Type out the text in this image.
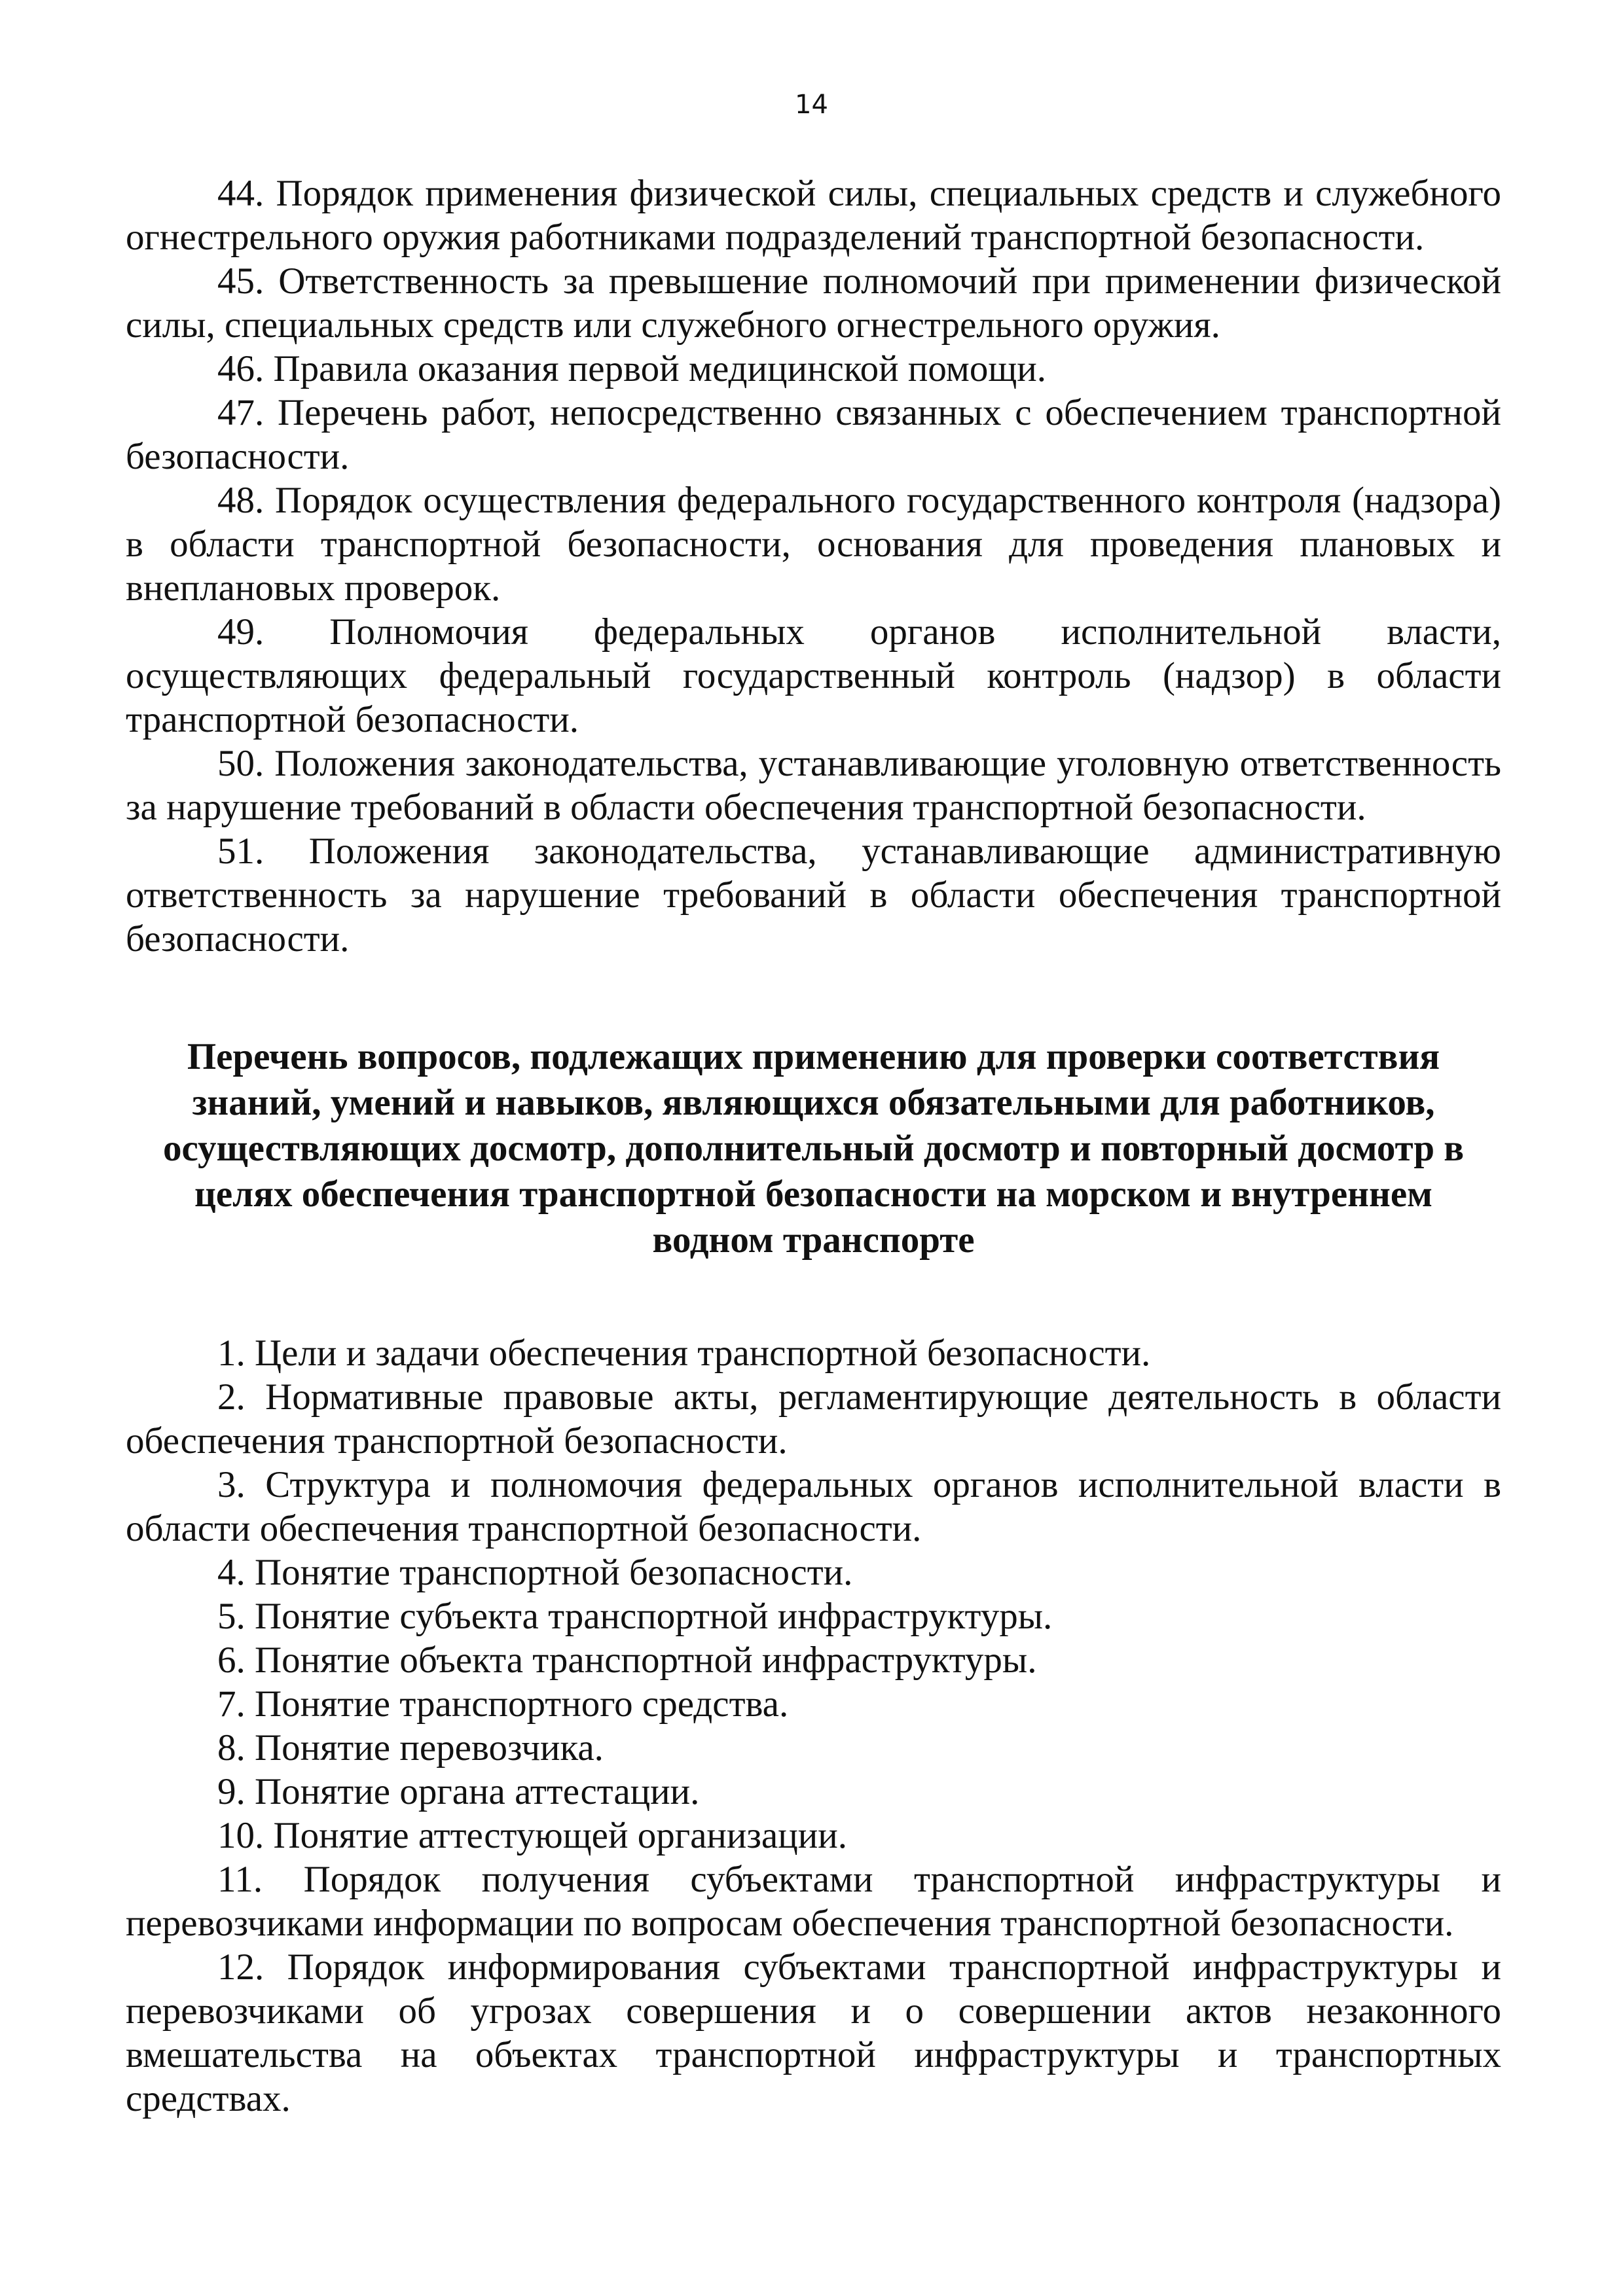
14

44. Порядок применения физической силы, специальных средств и служебного огнестрельного оружия работниками подразделений транспортной безопасности.

45. Ответственность за превышение полномочий при применении физической силы, специальных средств или служебного огнестрельного оружия.

46. Правила оказания первой медицинской помощи.

47. Перечень работ, непосредственно связанных с обеспечением транспортной безопасности.

48. Порядок осуществления федерального государственного контроля (надзора) в области транспортной безопасности, основания для проведения плановых и внеплановых проверок.

49. Полномочия федеральных органов исполнительной власти, осуществляющих федеральный государственный контроль (надзор) в области транспортной безопасности.

50. Положения законодательства, устанавливающие уголовную ответственность за нарушение требований в области обеспечения транспортной безопасности.

51. Положения законодательства, устанавливающие административную ответственность за нарушение требований в области обеспечения транспортной безопасности.

Перечень вопросов, подлежащих применению для проверки соответствия знаний, умений и навыков, являющихся обязательными для работников, осуществляющих досмотр, дополнительный досмотр и повторный досмотр в целях обеспечения транспортной безопасности на морском и внутреннем водном транспорте

1. Цели и задачи обеспечения транспортной безопасности.

2. Нормативные правовые акты, регламентирующие деятельность в области обеспечения транспортной безопасности.

3. Структура и полномочия федеральных органов исполнительной власти в области обеспечения транспортной безопасности.

4. Понятие транспортной безопасности.

5. Понятие субъекта транспортной инфраструктуры.

6. Понятие объекта транспортной инфраструктуры.

7. Понятие транспортного средства.

8. Понятие перевозчика.

9. Понятие органа аттестации.

10. Понятие аттестующей организации.

11. Порядок получения субъектами транспортной инфраструктуры и перевозчиками информации по вопросам обеспечения транспортной безопасности.

12. Порядок информирования субъектами транспортной инфраструктуры и перевозчиками об угрозах совершения и о совершении актов незаконного вмешательства на объектах транспортной инфраструктуры и транспортных средствах.
